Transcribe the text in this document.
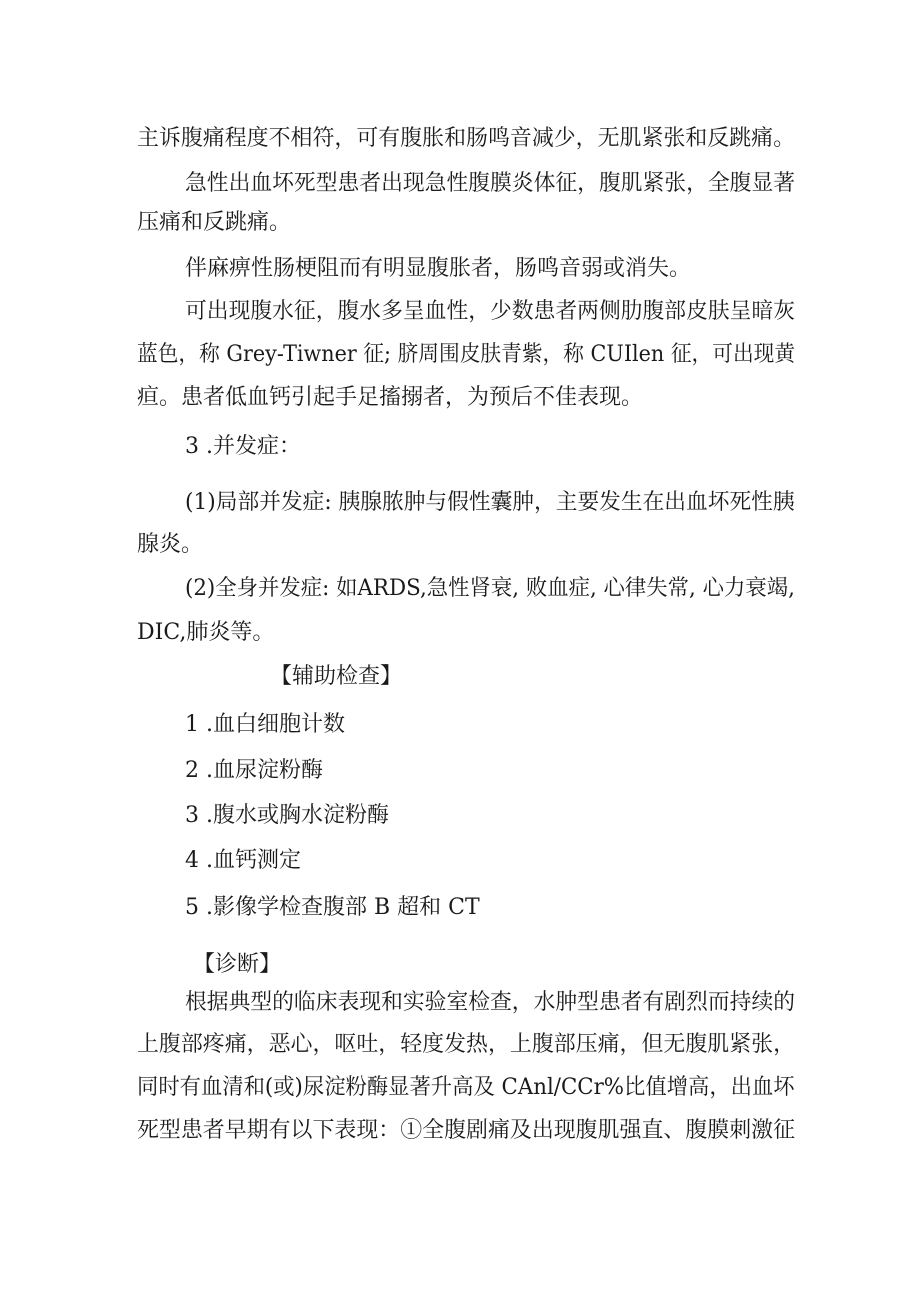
主诉腹痛程度不相符，可有腹胀和肠鸣音减少，无肌紧张和反跳痛。
急性出血坏死型患者出现急性腹膜炎体征，腹肌紧张，全腹显著
压痛和反跳痛。
伴麻痹性肠梗阻而有明显腹胀者，肠鸣音弱或消失。
可出现腹水征，腹水多呈血性，少数患者两侧肋腹部皮肤呈暗灰
蓝色，称 Grey-Tiwner 征; 脐周围皮肤青紫，称 CUIlen 征，可出现黄
疸。患者低血钙引起手足搐搦者，为预后不佳表现。
3 .并发症：
(1)局部并发症: 胰腺脓肿与假性囊肿，主要发生在出血坏死性胰
腺炎。
(2)全身并发症: 如ARDS,急性肾衰, 败血症, 心律失常, 心力衰竭,
DIC,肺炎等。
【辅助检查】
1 .血白细胞计数
2 .血尿淀粉酶
3 .腹水或胸水淀粉酶
4 .血钙测定
5 .影像学检查腹部 B 超和 CT
【诊断】
根据典型的临床表现和实验室检查，水肿型患者有剧烈而持续的
上腹部疼痛，恶心，呕吐，轻度发热，上腹部压痛，但无腹肌紧张，
同时有血清和(或)尿淀粉酶显著升高及 CAnl/CCr%比值增高，出血坏
死型患者早期有以下表现：①全腹剧痛及出现腹肌强直、腹膜刺激征
